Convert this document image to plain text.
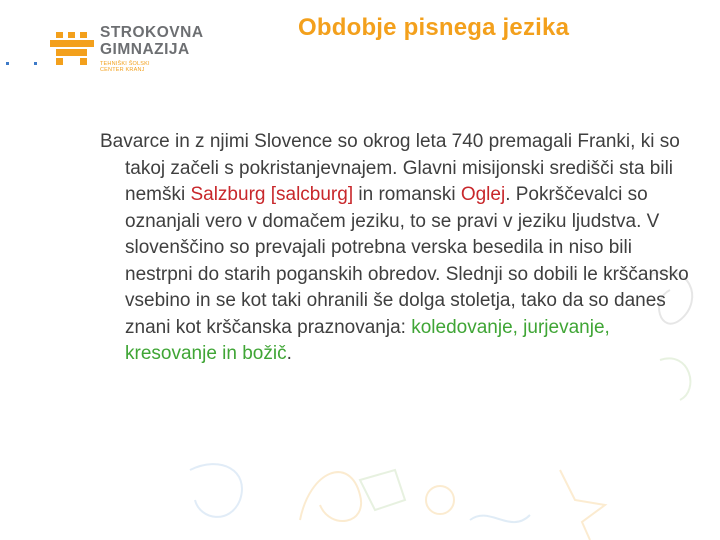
STROKOVNA
GIMNAZIJA
TEHNIŠKI ŠOLSKI
CENTER KRANJ
Obdobje pisnega jezika

Bavarce in z njimi Slovence so okrog leta 740 premagali Franki, ki so takoj začeli s pokristanjevnajem. Glavni misijonski središči sta bili nemški Salzburg [salcburg] in romanski Oglej. Pokrščevalci so oznanjali vero v domačem jeziku, to se pravi v jeziku ljudstva. V slovenščino so prevajali potrebna verska besedila in niso bili nestrpni do starih poganskih obredov. Slednji so dobili le krščansko vsebino in se kot taki ohranili še dolga stoletja, tako da so danes znani kot krščanska praznovanja: koledovanje, jurjevanje, kresovanje in božič.
